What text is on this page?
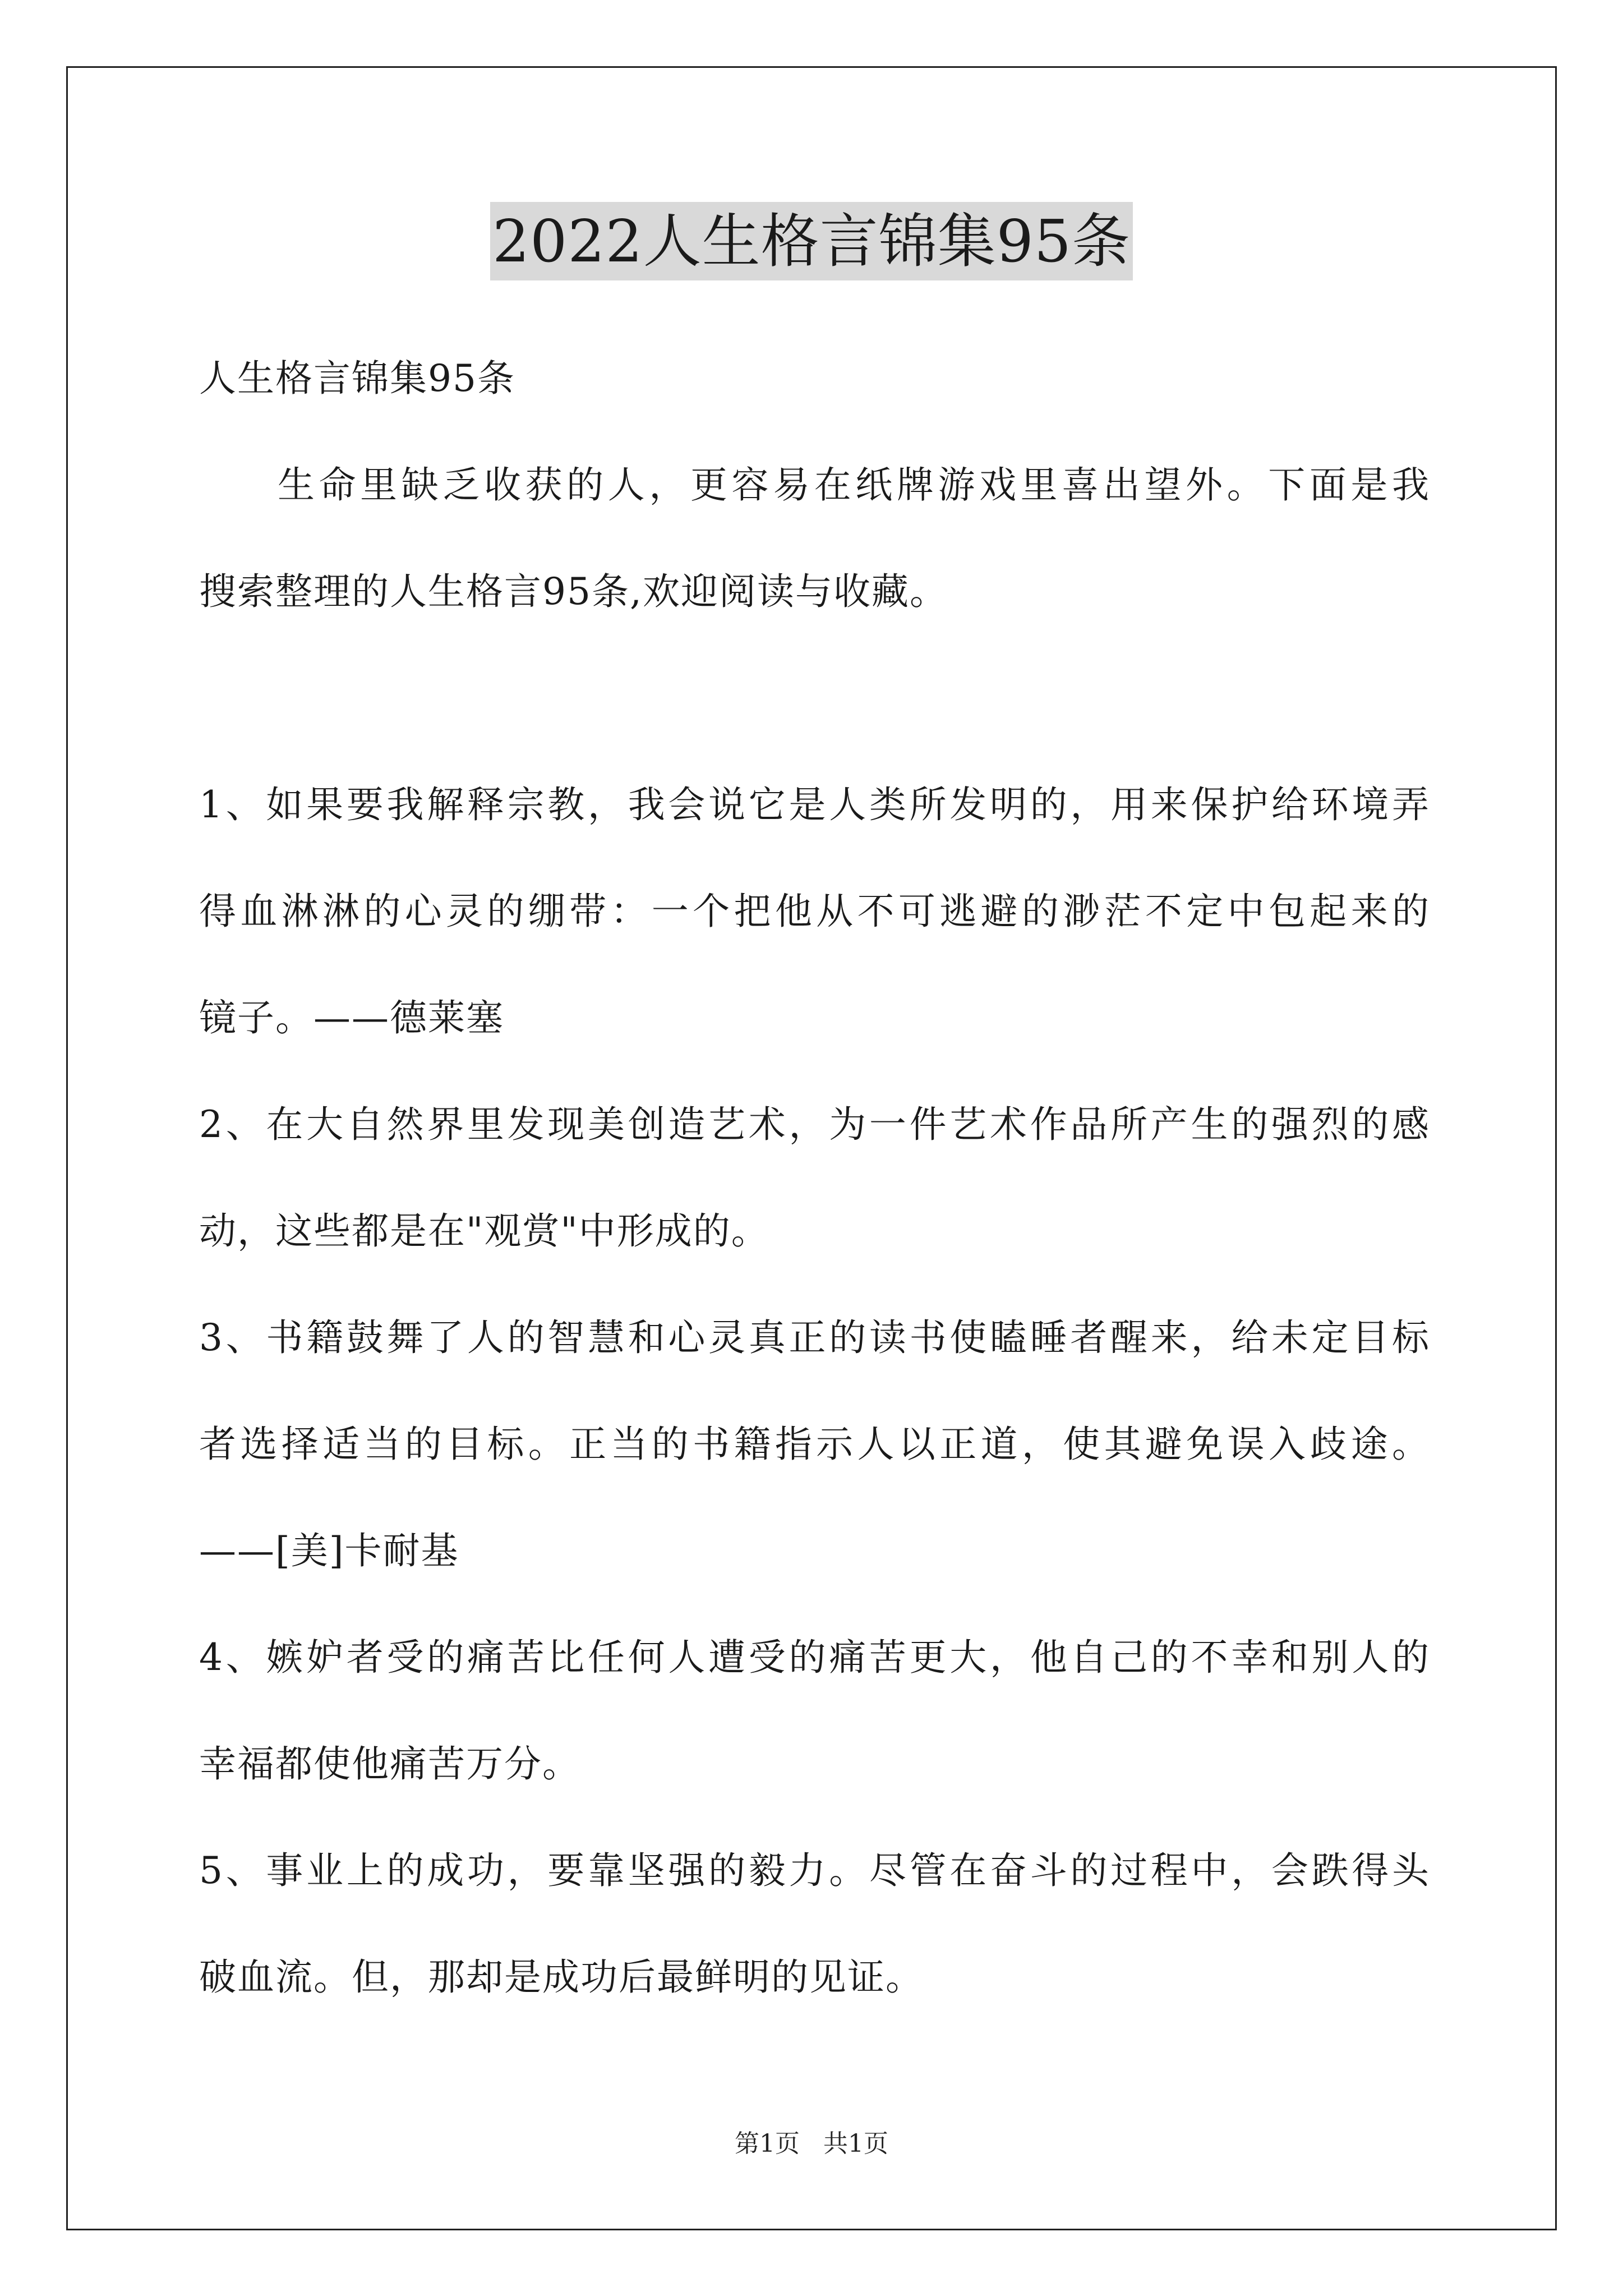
2022人生格言锦集95条
人生格言锦集95条
生命里缺乏收获的人，更容易在纸牌游戏里喜出望外。下面是我
搜索整理的人生格言95条,欢迎阅读与收藏。
1、如果要我解释宗教，我会说它是人类所发明的，用来保护给环境弄
得血淋淋的心灵的绷带：一个把他从不可逃避的渺茫不定中包起来的
镜子。——德莱塞
2、在大自然界里发现美创造艺术，为一件艺术作品所产生的强烈的感
动，这些都是在"观赏"中形成的。
3、书籍鼓舞了人的智慧和心灵真正的读书使瞌睡者醒来，给未定目标
者选择适当的目标。正当的书籍指示人以正道，使其避免误入歧途。
——[美]卡耐基
4、嫉妒者受的痛苦比任何人遭受的痛苦更大，他自己的不幸和别人的
幸福都使他痛苦万分。
5、事业上的成功，要靠坚强的毅力。尽管在奋斗的过程中，会跌得头
破血流。但，那却是成功后最鲜明的见证。
第1页 共1页
